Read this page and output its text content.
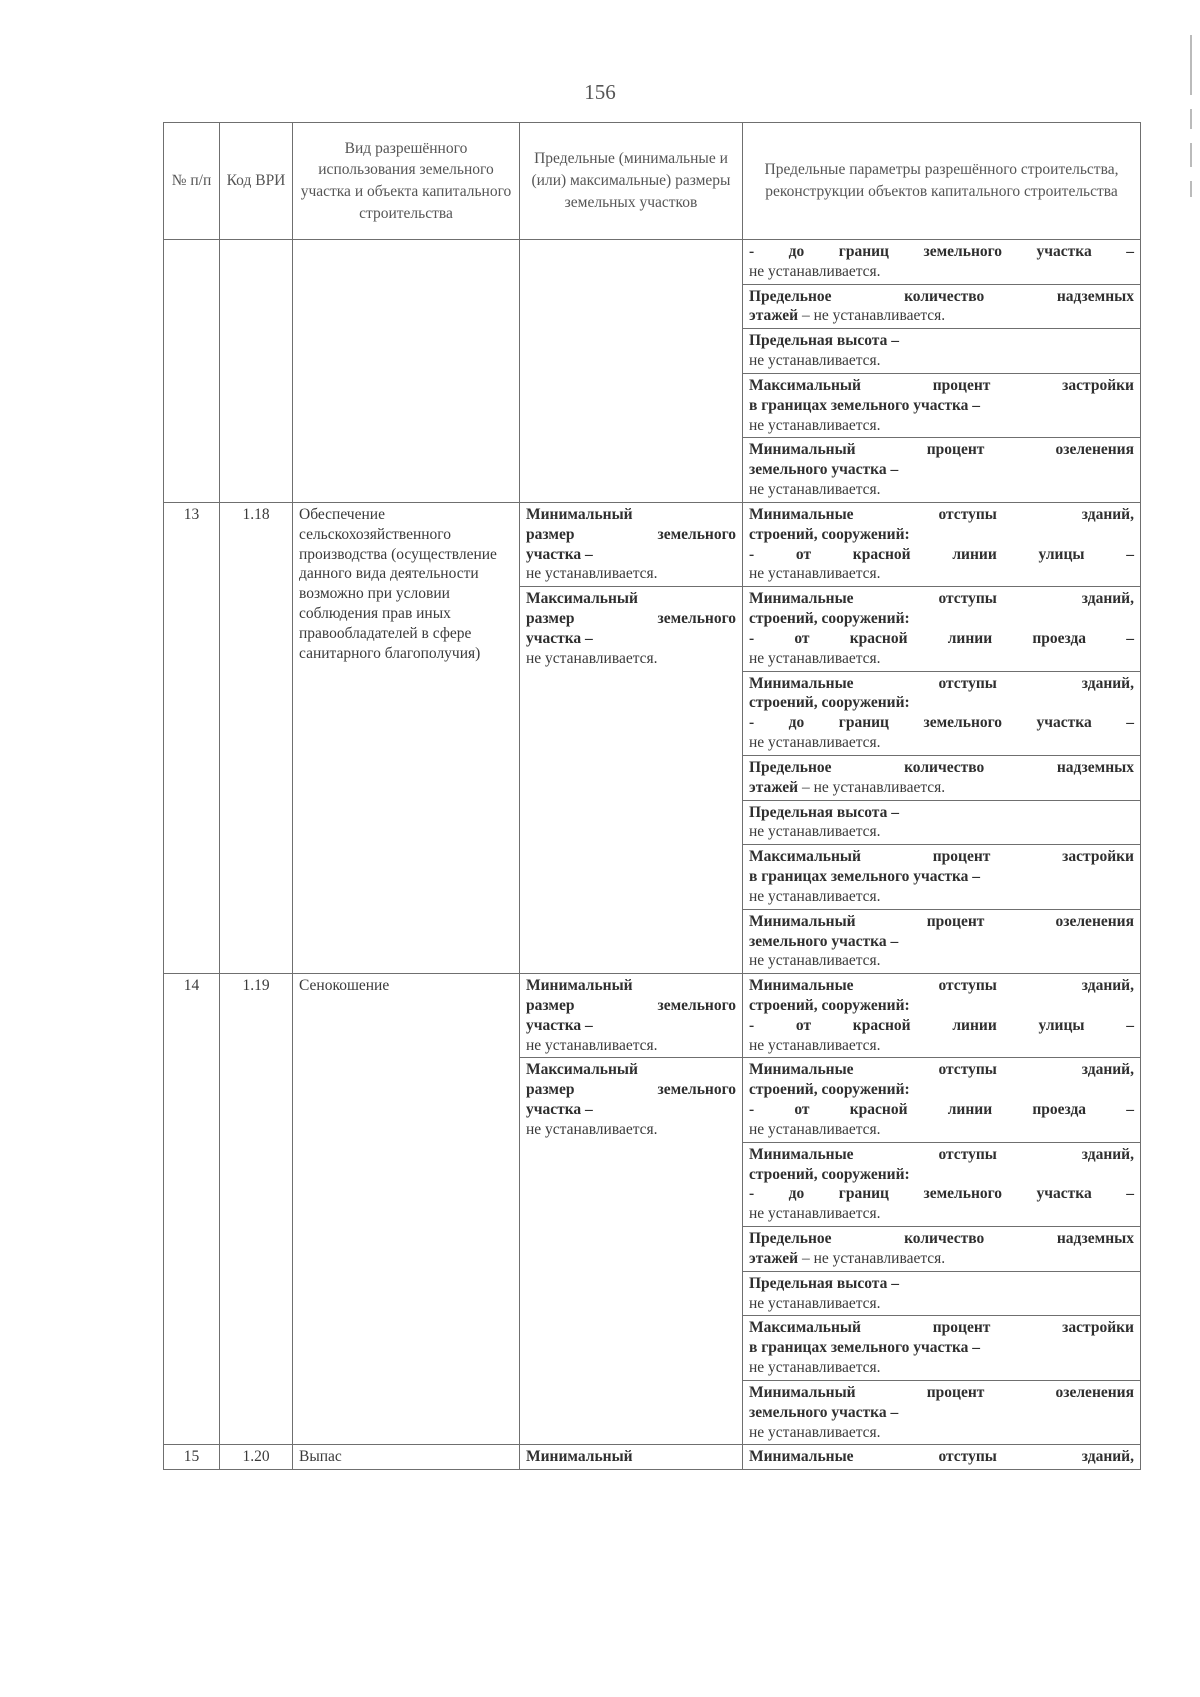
156
№ п/п	Код ВРИ	Вид разрешённого использования земельного участка и объекта капитального строительства	Предельные (минимальные и (или) максимальные) размеры земельных участков	Предельные параметры разрешённого строительства, реконструкции объектов капитального строительства

				- до границ земельного участка –
не устанавливается.

				Предельное количество надземных
этажей – не устанавливается.
				Предельная высота –
не устанавливается.

				Максимальный процент застройки
в границах земельного участка –
не устанавливается.

				Минимальный процент озеленения
земельного участка –
не устанавливается.
13	1.18	Обеспечение сельскохозяйственного производства (осуществление данного вида деятельности возможно при условии соблюдения прав иных правообладателей в сфере санитарного благополучия)	Минимальный

размер земельного
участка –
не устанавливается.	Минимальные отступы зданий,
строений, сооружений:

- от красной линии улицы –
не устанавливается.
			Максимальный

размер земельного
участка –
не устанавливается.	Минимальные отступы зданий,
строений, сооружений:

- от красной линии проезда –
не устанавливается.

				Минимальные отступы зданий,
строений, сооружений:

- до границ земельного участка –
не устанавливается.

				Предельное количество надземных
этажей – не устанавливается.
				Предельная высота –
не устанавливается.

				Максимальный процент застройки
в границах земельного участка –
не устанавливается.

				Минимальный процент озеленения
земельного участка –
не устанавливается.
14	1.19	Сенокошение	Минимальный

размер земельного
участка –
не устанавливается.	Минимальные отступы зданий,
строений, сооружений:

- от красной линии улицы –
не устанавливается.
			Максимальный

размер земельного
участка –
не устанавливается.	Минимальные отступы зданий,
строений, сооружений:

- от красной линии проезда –
не устанавливается.

				Минимальные отступы зданий,
строений, сооружений:

- до границ земельного участка –
не устанавливается.

				Предельное количество надземных
этажей – не устанавливается.
				Предельная высота –
не устанавливается.

				Максимальный процент застройки
в границах земельного участка –
не устанавливается.

				Минимальный процент озеленения
земельного участка –
не устанавливается.
15	1.20	Выпас	Минимальный	Минимальные отступы зданий,
